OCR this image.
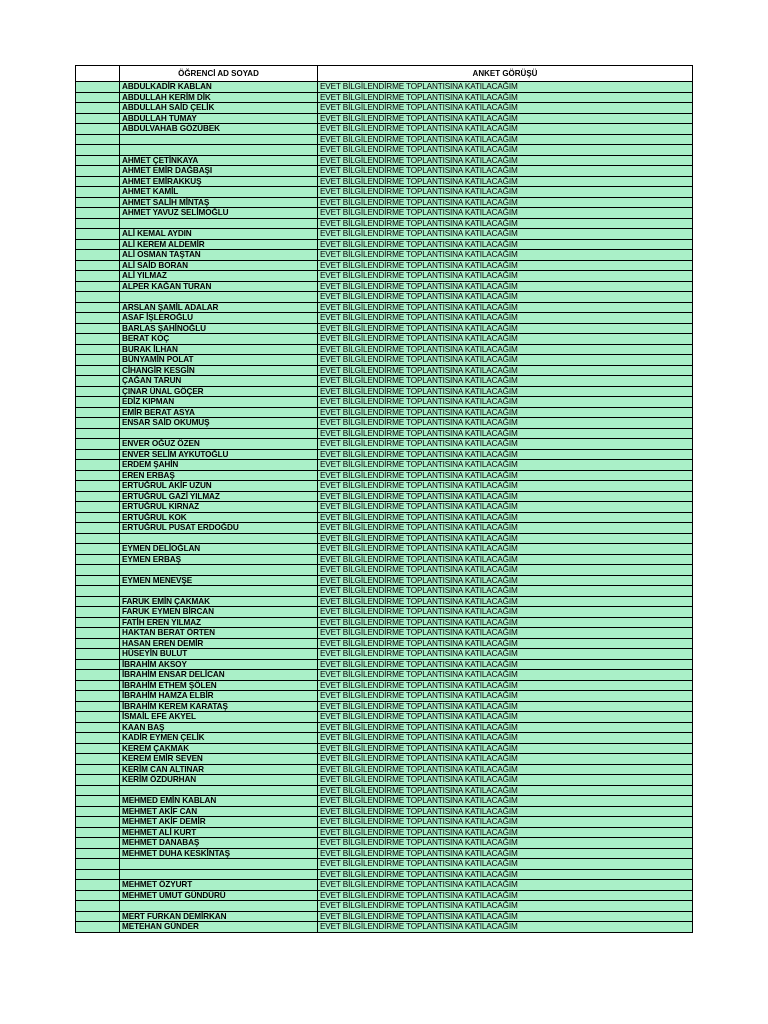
	ÖĞRENCİ AD SOYAD	ANKET GÖRÜŞÜ
	ABDULKADİR KABLAN	EVET BİLGİLENDİRME TOPLANTISINA KATILACAĞIM
	ABDULLAH KERİM DİK	EVET BİLGİLENDİRME TOPLANTISINA KATILACAĞIM
	ABDULLAH SAİD ÇELİK	EVET BİLGİLENDİRME TOPLANTISINA KATILACAĞIM
	ABDULLAH TUMAY	EVET BİLGİLENDİRME TOPLANTISINA KATILACAĞIM
	ABDULVAHAB GÖZÜBEK	EVET BİLGİLENDİRME TOPLANTISINA KATILACAĞIM
		EVET BİLGİLENDİRME TOPLANTISINA KATILACAĞIM
		EVET BİLGİLENDİRME TOPLANTISINA KATILACAĞIM
	AHMET ÇETİNKAYA	EVET BİLGİLENDİRME TOPLANTISINA KATILACAĞIM
	AHMET EMİR DAĞBAŞI	EVET BİLGİLENDİRME TOPLANTISINA KATILACAĞIM
	AHMET EMİRAKKUŞ	EVET BİLGİLENDİRME TOPLANTISINA KATILACAĞIM
	AHMET KAMİL	EVET BİLGİLENDİRME TOPLANTISINA KATILACAĞIM
	AHMET SALİH MİNTAŞ	EVET BİLGİLENDİRME TOPLANTISINA KATILACAĞIM
	AHMET YAVUZ SELİMOĞLU	EVET BİLGİLENDİRME TOPLANTISINA KATILACAĞIM
		EVET BİLGİLENDİRME TOPLANTISINA KATILACAĞIM
	ALİ KEMAL AYDIN	EVET BİLGİLENDİRME TOPLANTISINA KATILACAĞIM
	ALİ KEREM ALDEMİR	EVET BİLGİLENDİRME TOPLANTISINA KATILACAĞIM
	ALİ OSMAN TAŞTAN	EVET BİLGİLENDİRME TOPLANTISINA KATILACAĞIM
	ALİ SAİD BORAN	EVET BİLGİLENDİRME TOPLANTISINA KATILACAĞIM
	ALİ YILMAZ	EVET BİLGİLENDİRME TOPLANTISINA KATILACAĞIM
	ALPER KAĞAN TURAN	EVET BİLGİLENDİRME TOPLANTISINA KATILACAĞIM
		EVET BİLGİLENDİRME TOPLANTISINA KATILACAĞIM
	ARSLAN ŞAMİL ADALAR	EVET BİLGİLENDİRME TOPLANTISINA KATILACAĞIM
	ASAF İŞLEROĞLU	EVET BİLGİLENDİRME TOPLANTISINA KATILACAĞIM
	BARLAS ŞAHİNOĞLU	EVET BİLGİLENDİRME TOPLANTISINA KATILACAĞIM
	BERAT KOÇ	EVET BİLGİLENDİRME TOPLANTISINA KATILACAĞIM
	BURAK İLHAN	EVET BİLGİLENDİRME TOPLANTISINA KATILACAĞIM
	BÜNYAMİN POLAT	EVET BİLGİLENDİRME TOPLANTISINA KATILACAĞIM
	CİHANGİR KESGİN	EVET BİLGİLENDİRME TOPLANTISINA KATILACAĞIM
	ÇAĞAN TARUN	EVET BİLGİLENDİRME TOPLANTISINA KATILACAĞIM
	ÇINAR ÜNAL GÖÇER	EVET BİLGİLENDİRME TOPLANTISINA KATILACAĞIM
	EDİZ KIPMAN	EVET BİLGİLENDİRME TOPLANTISINA KATILACAĞIM
	EMİR BERAT ASYA	EVET BİLGİLENDİRME TOPLANTISINA KATILACAĞIM
	ENSAR SAİD OKUMUŞ	EVET BİLGİLENDİRME TOPLANTISINA KATILACAĞIM
		EVET BİLGİLENDİRME TOPLANTISINA KATILACAĞIM
	ENVER OĞUZ ÖZEN	EVET BİLGİLENDİRME TOPLANTISINA KATILACAĞIM
	ENVER SELİM AYKUTOĞLU	EVET BİLGİLENDİRME TOPLANTISINA KATILACAĞIM
	ERDEM ŞAHİN	EVET BİLGİLENDİRME TOPLANTISINA KATILACAĞIM
	EREN ERBAŞ	EVET BİLGİLENDİRME TOPLANTISINA KATILACAĞIM
	ERTUĞRUL AKİF UZUN	EVET BİLGİLENDİRME TOPLANTISINA KATILACAĞIM
	ERTUĞRUL GAZİ YILMAZ	EVET BİLGİLENDİRME TOPLANTISINA KATILACAĞIM
	ERTUĞRUL KIRNAZ	EVET BİLGİLENDİRME TOPLANTISINA KATILACAĞIM
	ERTUĞRUL KOK	EVET BİLGİLENDİRME TOPLANTISINA KATILACAĞIM
	ERTUĞRUL PUSAT ERDOĞDU	EVET BİLGİLENDİRME TOPLANTISINA KATILACAĞIM
		EVET BİLGİLENDİRME TOPLANTISINA KATILACAĞIM
	EYMEN DELİOĞLAN	EVET BİLGİLENDİRME TOPLANTISINA KATILACAĞIM
	EYMEN ERBAŞ	EVET BİLGİLENDİRME TOPLANTISINA KATILACAĞIM
		EVET BİLGİLENDİRME TOPLANTISINA KATILACAĞIM
	EYMEN MENEVŞE	EVET BİLGİLENDİRME TOPLANTISINA KATILACAĞIM
		EVET BİLGİLENDİRME TOPLANTISINA KATILACAĞIM
	FARUK EMİN ÇAKMAK	EVET BİLGİLENDİRME TOPLANTISINA KATILACAĞIM
	FARUK EYMEN BİRCAN	EVET BİLGİLENDİRME TOPLANTISINA KATILACAĞIM
	FATİH EREN YILMAZ	EVET BİLGİLENDİRME TOPLANTISINA KATILACAĞIM
	HAKTAN BERAT ÖRTEN	EVET BİLGİLENDİRME TOPLANTISINA KATILACAĞIM
	HASAN EREN DEMİR	EVET BİLGİLENDİRME TOPLANTISINA KATILACAĞIM
	HÜSEYİN BULUT	EVET BİLGİLENDİRME TOPLANTISINA KATILACAĞIM
	İBRAHİM AKSOY	EVET BİLGİLENDİRME TOPLANTISINA KATILACAĞIM
	İBRAHİM ENSAR DELİCAN	EVET BİLGİLENDİRME TOPLANTISINA KATILACAĞIM
	İBRAHİM ETHEM ŞÖLEN	EVET BİLGİLENDİRME TOPLANTISINA KATILACAĞIM
	İBRAHİM HAMZA ELBİR	EVET BİLGİLENDİRME TOPLANTISINA KATILACAĞIM
	İBRAHİM KEREM KARATAŞ	EVET BİLGİLENDİRME TOPLANTISINA KATILACAĞIM
	İSMAİL EFE AKYEL	EVET BİLGİLENDİRME TOPLANTISINA KATILACAĞIM
	KAAN BAŞ	EVET BİLGİLENDİRME TOPLANTISINA KATILACAĞIM
	KADİR EYMEN ÇELİK	EVET BİLGİLENDİRME TOPLANTISINA KATILACAĞIM
	KEREM ÇAKMAK	EVET BİLGİLENDİRME TOPLANTISINA KATILACAĞIM
	KEREM EMİR SEVEN	EVET BİLGİLENDİRME TOPLANTISINA KATILACAĞIM
	KERİM CAN ALTINAR	EVET BİLGİLENDİRME TOPLANTISINA KATILACAĞIM
	KERİM ÖZDURHAN	EVET BİLGİLENDİRME TOPLANTISINA KATILACAĞIM
		EVET BİLGİLENDİRME TOPLANTISINA KATILACAĞIM
	MEHMED EMİN KABLAN	EVET BİLGİLENDİRME TOPLANTISINA KATILACAĞIM
	MEHMET AKİF CAN	EVET BİLGİLENDİRME TOPLANTISINA KATILACAĞIM
	MEHMET AKİF DEMİR	EVET BİLGİLENDİRME TOPLANTISINA KATILACAĞIM
	MEHMET ALİ KURT	EVET BİLGİLENDİRME TOPLANTISINA KATILACAĞIM
	MEHMET DANABAŞ	EVET BİLGİLENDİRME TOPLANTISINA KATILACAĞIM
	MEHMET DUHA KESKİNTAŞ	EVET BİLGİLENDİRME TOPLANTISINA KATILACAĞIM
		EVET BİLGİLENDİRME TOPLANTISINA KATILACAĞIM
		EVET BİLGİLENDİRME TOPLANTISINA KATILACAĞIM
	MEHMET ÖZYURT	EVET BİLGİLENDİRME TOPLANTISINA KATILACAĞIM
	MEHMET UMUT GÜNDÜRÜ	EVET BİLGİLENDİRME TOPLANTISINA KATILACAĞIM
		EVET BİLGİLENDİRME TOPLANTISINA KATILACAĞIM
	MERT FURKAN DEMİRKAN	EVET BİLGİLENDİRME TOPLANTISINA KATILACAĞIM
	METEHAN GÜNDER	EVET BİLGİLENDİRME TOPLANTISINA KATILACAĞIM
